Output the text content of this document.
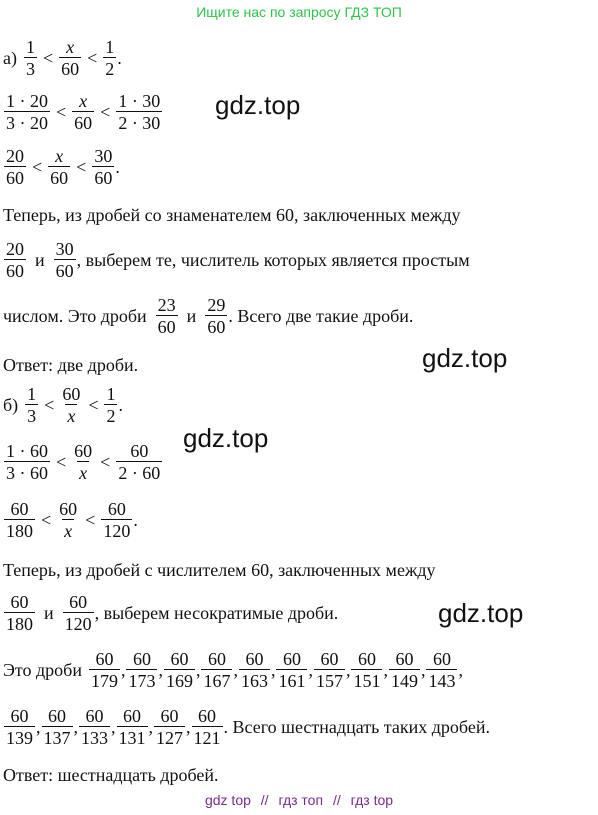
Ищите нас по запросу ГДЗ ТОП
gdz.top
gdz.top
gdz.top
gdz.top
$а) \frac{1}{3} < \frac{x}{60} < \frac{1}{2}$ .
$\frac{1 \cdot 20}{3 \cdot 20} < \frac{x}{60} < \frac{1 \cdot 30}{2 \cdot 30}$
$\frac{20}{60} < \frac{x}{60} < \frac{30}{60}$ .
Теперь, из дробей со знаменателем 60, заключенных между
$\frac{20}{60}$ и $\frac{30}{60}$ , выберем те, числитель которых является простым
числом. Это дроби $\frac{23}{60}$ и $\frac{29}{60}$ . Всего две такие дроби.
Ответ: две дроби.
$б) \frac{1}{3} < \frac{60}{x} < \frac{1}{2}$ .
$\frac{1 \cdot 60}{3 \cdot 60} < \frac{60}{x} < \frac{60}{2 \cdot 60}$
$\frac{60}{180} < \frac{60}{x} < \frac{60}{120}$ .
Теперь, из дробей с числителем 60, заключенных между
$\frac{60}{180}$ и $\frac{60}{120}$ , выберем несократимые дроби.
Это дроби $\frac{60}{179}$ , $\frac{60}{173}$ , $\frac{60}{169}$ , $\frac{60}{167}$ , $\frac{60}{163}$ , $\frac{60}{161}$ , $\frac{60}{157}$ , $\frac{60}{151}$ , $\frac{60}{149}$ , $\frac{60}{143}$ ,
$\frac{60}{139}$ , $\frac{60}{137}$ , $\frac{60}{133}$ , $\frac{60}{131}$ , $\frac{60}{127}$ , $\frac{60}{121}$ . Всего шестнадцать таких дробей.
Ответ: шестнадцать дробей.
gdz top // гдз топ // гдз top
